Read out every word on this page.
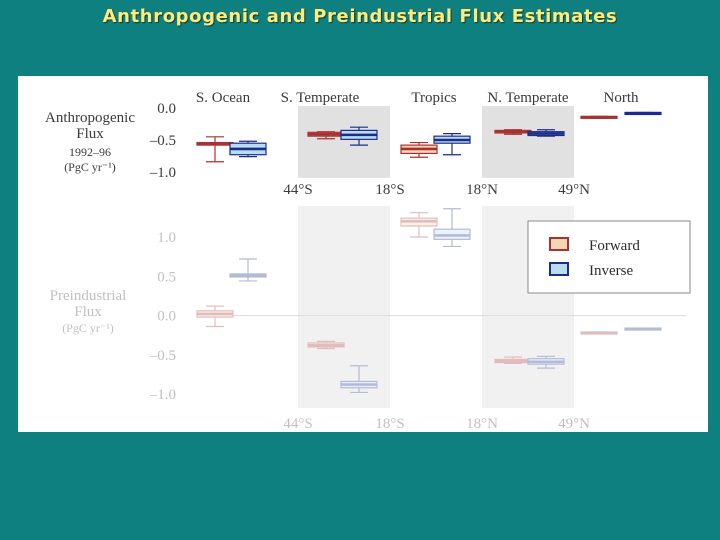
Anthropogenic and Preindustrial Flux Estimates
S. Ocean S. Temperate	Tropics N. Temperate North
0.0
–0.5
–1.0
Anthropogenic
Flux
1992–96
(PgC yr⁻¹)
44°S	18°S	18°N	49°N
1.0
0.5
0.0
–0.5
–1.0
Preindustrial
Flux
(PgC yr⁻¹)
44°S	18°S	18°N	49°N
Forward
Inverse
